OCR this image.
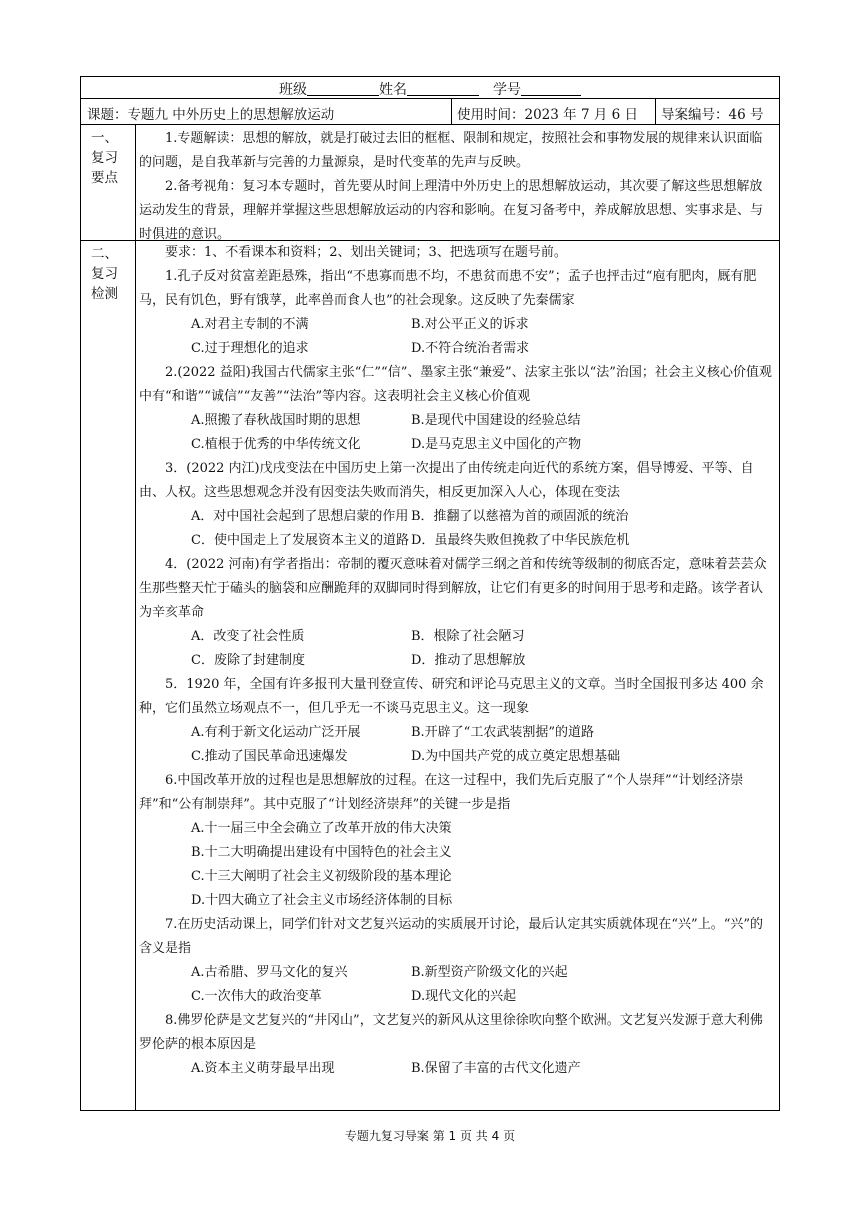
班级	姓名	学号
课题：专题九 中外历史上的思想解放运动	使用时间：2023 年 7 月 6 日 导案编号：46 号
一、
复习
要点

1.专题解读：思想的解放，就是打破过去旧的框框、限制和规定，按照社会和事物发展的规律来认识面临的问题，是自我革新与完善的力量源泉，是时代变革的先声与反映。

2.备考视角：复习本专题时，首先要从时间上理清中外历史上的思想解放运动，其次要了解这些思想解放运动发生的背景，理解并掌握这些思想解放运动的内容和影响。在复习备考中，养成解放思想、实事求是、与时俱进的意识。

二、
复习
检测

要求：1、不看课本和资料；2、划出关键词；3、把选项写在题号前。

1.孔子反对贫富差距悬殊，指出“不患寡而患不均，不患贫而患不安”；孟子也抨击过“庖有肥肉，厩有肥马，民有饥色，野有饿莩，此率兽而食人也”的社会现象。这反映了先秦儒家

A.对君主专制的不满	B.对公平正义的诉求
C.过于理想化的追求	D.不符合统治者需求

2.(2022 益阳)我国古代儒家主张“仁”“信”、墨家主张“兼爱”、法家主张以“法”治国；社会主义核心价值观中有“和谐”“诚信”“友善”“法治”等内容。这表明社会主义核心价值观

A.照搬了春秋战国时期的思想	B.是现代中国建设的经验总结
C.植根于优秀的中华传统文化	D.是马克思主义中国化的产物

3．(2022 内江)戊戌变法在中国历史上第一次提出了由传统走向近代的系统方案，倡导博爱、平等、自由、人权。这些思想观念并没有因变法失败而消失，相反更加深入人心，体现在变法

A．对中国社会起到了思想启蒙的作用 B．推翻了以慈禧为首的顽固派的统治
C．使中国走上了发展资本主义的道路 D．虽最终失败但挽救了中华民族危机

4．(2022 河南)有学者指出：帝制的覆灭意味着对儒学三纲之首和传统等级制的彻底否定，意味着芸芸众生那些整天忙于磕头的脑袋和应酬跪拜的双脚同时得到解放，让它们有更多的时间用于思考和走路。该学者认为辛亥革命

A．改变了社会性质	B．根除了社会陋习
C．废除了封建制度	D．推动了思想解放

5．1920 年，全国有许多报刊大量刊登宣传、研究和评论马克思主义的文章。当时全国报刊多达 400 余种，它们虽然立场观点不一，但几乎无一不谈马克思主义。这一现象

A.有利于新文化运动广泛开展	B.开辟了“工农武装割据”的道路
C.推动了国民革命迅速爆发	D.为中国共产党的成立奠定思想基础

6.中国改革开放的过程也是思想解放的过程。在这一过程中，我们先后克服了“个人崇拜”“计划经济崇拜”和“公有制崇拜”。其中克服了“计划经济崇拜”的关键一步是指

A.十一届三中全会确立了改革开放的伟大决策

B.十二大明确提出建设有中国特色的社会主义

C.十三大阐明了社会主义初级阶段的基本理论

D.十四大确立了社会主义市场经济体制的目标

7.在历史活动课上，同学们针对文艺复兴运动的实质展开讨论，最后认定其实质就体现在“兴”上。“兴”的含义是指

A.古希腊、罗马文化的复兴	B.新型资产阶级文化的兴起
C.一次伟大的政治变革	D.现代文化的兴起

8.佛罗伦萨是文艺复兴的“井冈山”，文艺复兴的新风从这里徐徐吹向整个欧洲。文艺复兴发源于意大利佛罗伦萨的根本原因是

A.资本主义萌芽最早出现	B.保留了丰富的古代文化遗产
专题九复习导案 第 1 页 共 4 页
